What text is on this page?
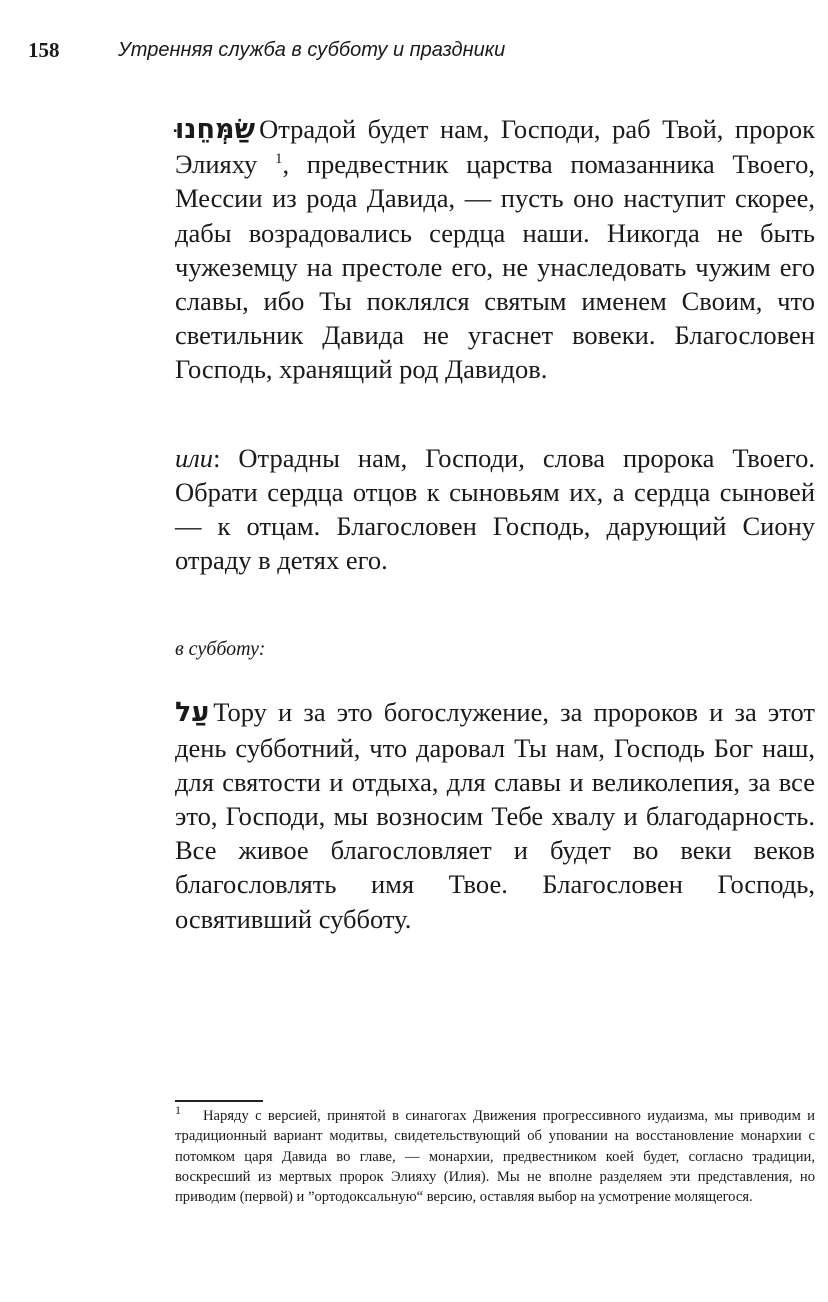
158	Утренняя служба в субботу и праздники

שַׂמְּחֵנוּ Отрадой будет нам, Господи, раб Твой, пророк Элияху $^1$, предвестник царства помазанника Твоего, Мессии из рода Давида, — пусть оно наступит скорее, дабы возрадовались сердца наши. Никогда не быть чужеземцу на престоле его, не унаследовать чужим его славы, ибо Ты поклялся святым именем Своим, что светильник Давида не угаснет вовеки. Благословен Господь, хранящий род Давидов.

или: Отрадны нам, Господи, слова пророка Твоего. Обрати сердца отцов к сыновьям их, а сердца сыновей — к отцам. Благословен Господь, дарующий Сиону отраду в детях его.

в субботу:

עַל Тору и за это богослужение, за пророков и за этот день субботний, что даровал Ты нам, Господь Бог наш, для святости и отдыха, для славы и великолепия, за все это, Господи, мы возносим Тебе хвалу и благодарность. Все живое благословляет и будет во веки веков благословлять имя Твое. Благословен Господь, освятивший субботу.

1 Наряду с версией, принятой в синагогах Движения прогрессивного иудаизма, мы приводим и традиционный вариант модитвы, свидетельствующий об уповании на восстановление монархии с потомком царя Давида во главе, — монархии, предвестником коей будет, согласно традиции, воскресший из мертвых пророк Элияху (Илия). Мы не вполне разделяем эти представления, но приводим (первой) и ”ортодоксальную“ версию, оставляя выбор на усмотрение молящегося.
